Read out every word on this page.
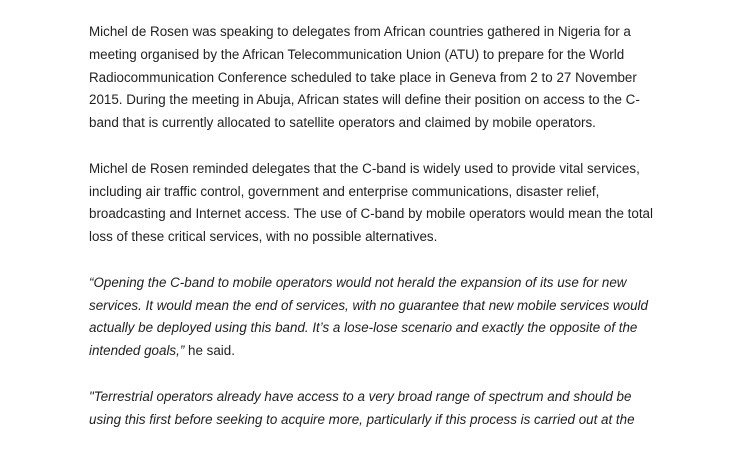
Michel de Rosen was speaking to delegates from African countries gathered in Nigeria for a
meeting organised by the African Telecommunication Union (ATU) to prepare for the World
Radiocommunication Conference scheduled to take place in Geneva from 2 to 27 November
2015. During the meeting in Abuja, African states will define their position on access to the C-
band that is currently allocated to satellite operators and claimed by mobile operators.

Michel de Rosen reminded delegates that the C-band is widely used to provide vital services,
including air traffic control, government and enterprise communications, disaster relief,
broadcasting and Internet access. The use of C-band by mobile operators would mean the total
loss of these critical services, with no possible alternatives.

“Opening the C-band to mobile operators would not herald the expansion of its use for new
services. It would mean the end of services, with no guarantee that new mobile services would
actually be deployed using this band. It’s a lose-lose scenario and exactly the opposite of the
intended goals,” he said.

"Terrestrial operators already have access to a very broad range of spectrum and should be
using this first before seeking to acquire more, particularly if this process is carried out at the
